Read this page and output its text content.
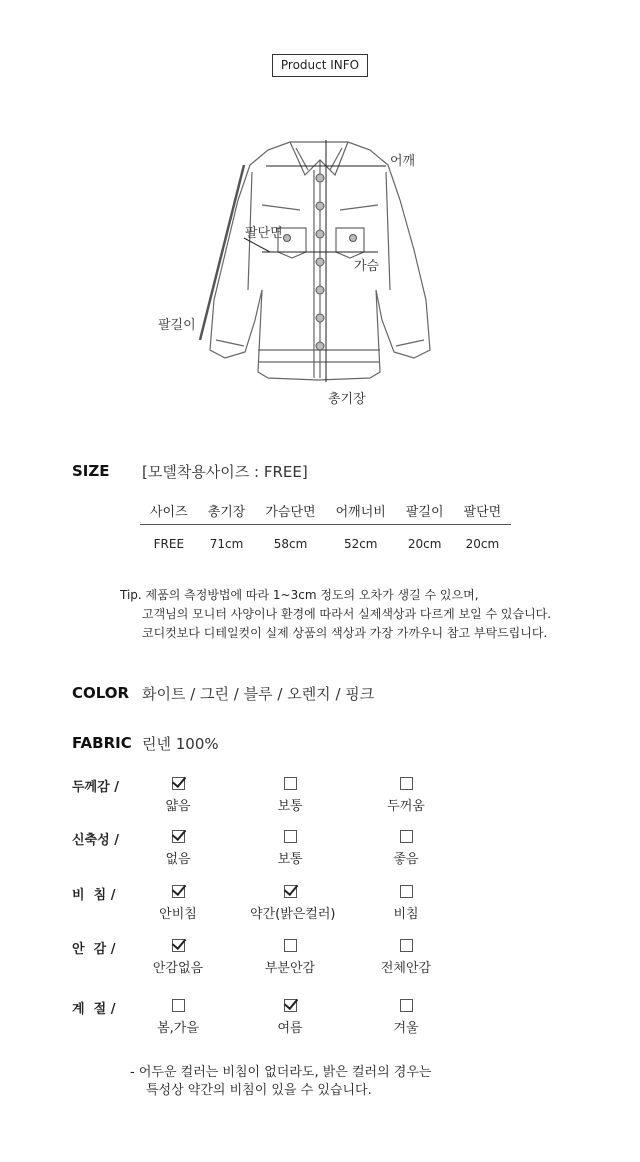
Product INFO
어깨
팔단면
가슴
팔길이
총기장
SIZE [모델착용사이즈 : FREE]
사이즈	총기장	가슴단면	어깨너비	팔길이	팔단면
FREE	71cm	58cm	52cm	20cm	20cm
Tip. 제품의 측정방법에 따라 1~3cm 정도의 오차가 생길 수 있으며,
고객님의 모니터 사양이나 환경에 따라서 실제색상과 다르게 보일 수 있습니다.
코디컷보다 디테일컷이 실제 상품의 색상과 가장 가까우니 참고 부탁드립니다.
COLOR 화이트 / 그린 / 블루 / 오렌지 / 핑크
FABRIC 린넨 100%
두께감 /
얇음	보통	두꺼움
신축성 /
없음	보통	좋음
비  침 /
안비침	약간(밝은컬러)	비침
안  감 /
안감없음	부분안감	전체안감
계  절 /
봄,가을	여름	겨울
- 어두운 컬러는 비침이 없더라도, 밝은 컬러의 경우는
특성상 약간의 비침이 있을 수 있습니다.
